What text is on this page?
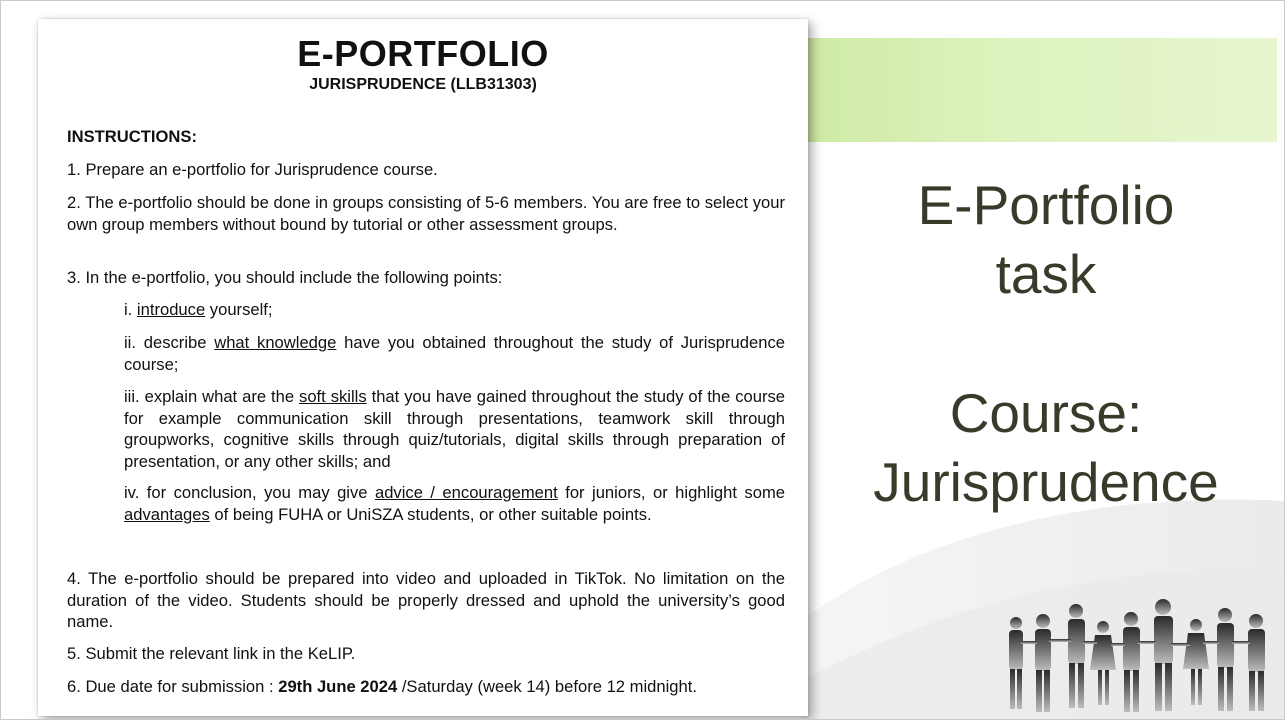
E-Portfolio
task
Course:
Jurisprudence
E-PORTFOLIO
JURISPRUDENCE (LLB31303)
INSTRUCTIONS:
1. Prepare an e-portfolio for Jurisprudence course.
2. The e-portfolio should be done in groups consisting of 5-6 members. You are free to select your own group members without bound by tutorial or other assessment groups.
3. In the e-portfolio, you should include the following points:
i. introduce yourself;
ii. describe what knowledge have you obtained throughout the study of Jurisprudence course;
iii. explain what are the soft skills that you have gained throughout the study of the course for example communication skill through presentations, teamwork skill through groupworks, cognitive skills through quiz/tutorials, digital skills through preparation of presentation, or any other skills; and
iv. for conclusion, you may give advice / encouragement for juniors, or highlight some advantages of being FUHA or UniSZA students, or other suitable points.
4. The e-portfolio should be prepared into video and uploaded in TikTok. No limitation on the duration of the video. Students should be properly dressed and uphold the university’s good name.
5. Submit the relevant link in the KeLIP.
6. Due date for submission : 29th June 2024 /Saturday (week 14) before 12 midnight.
